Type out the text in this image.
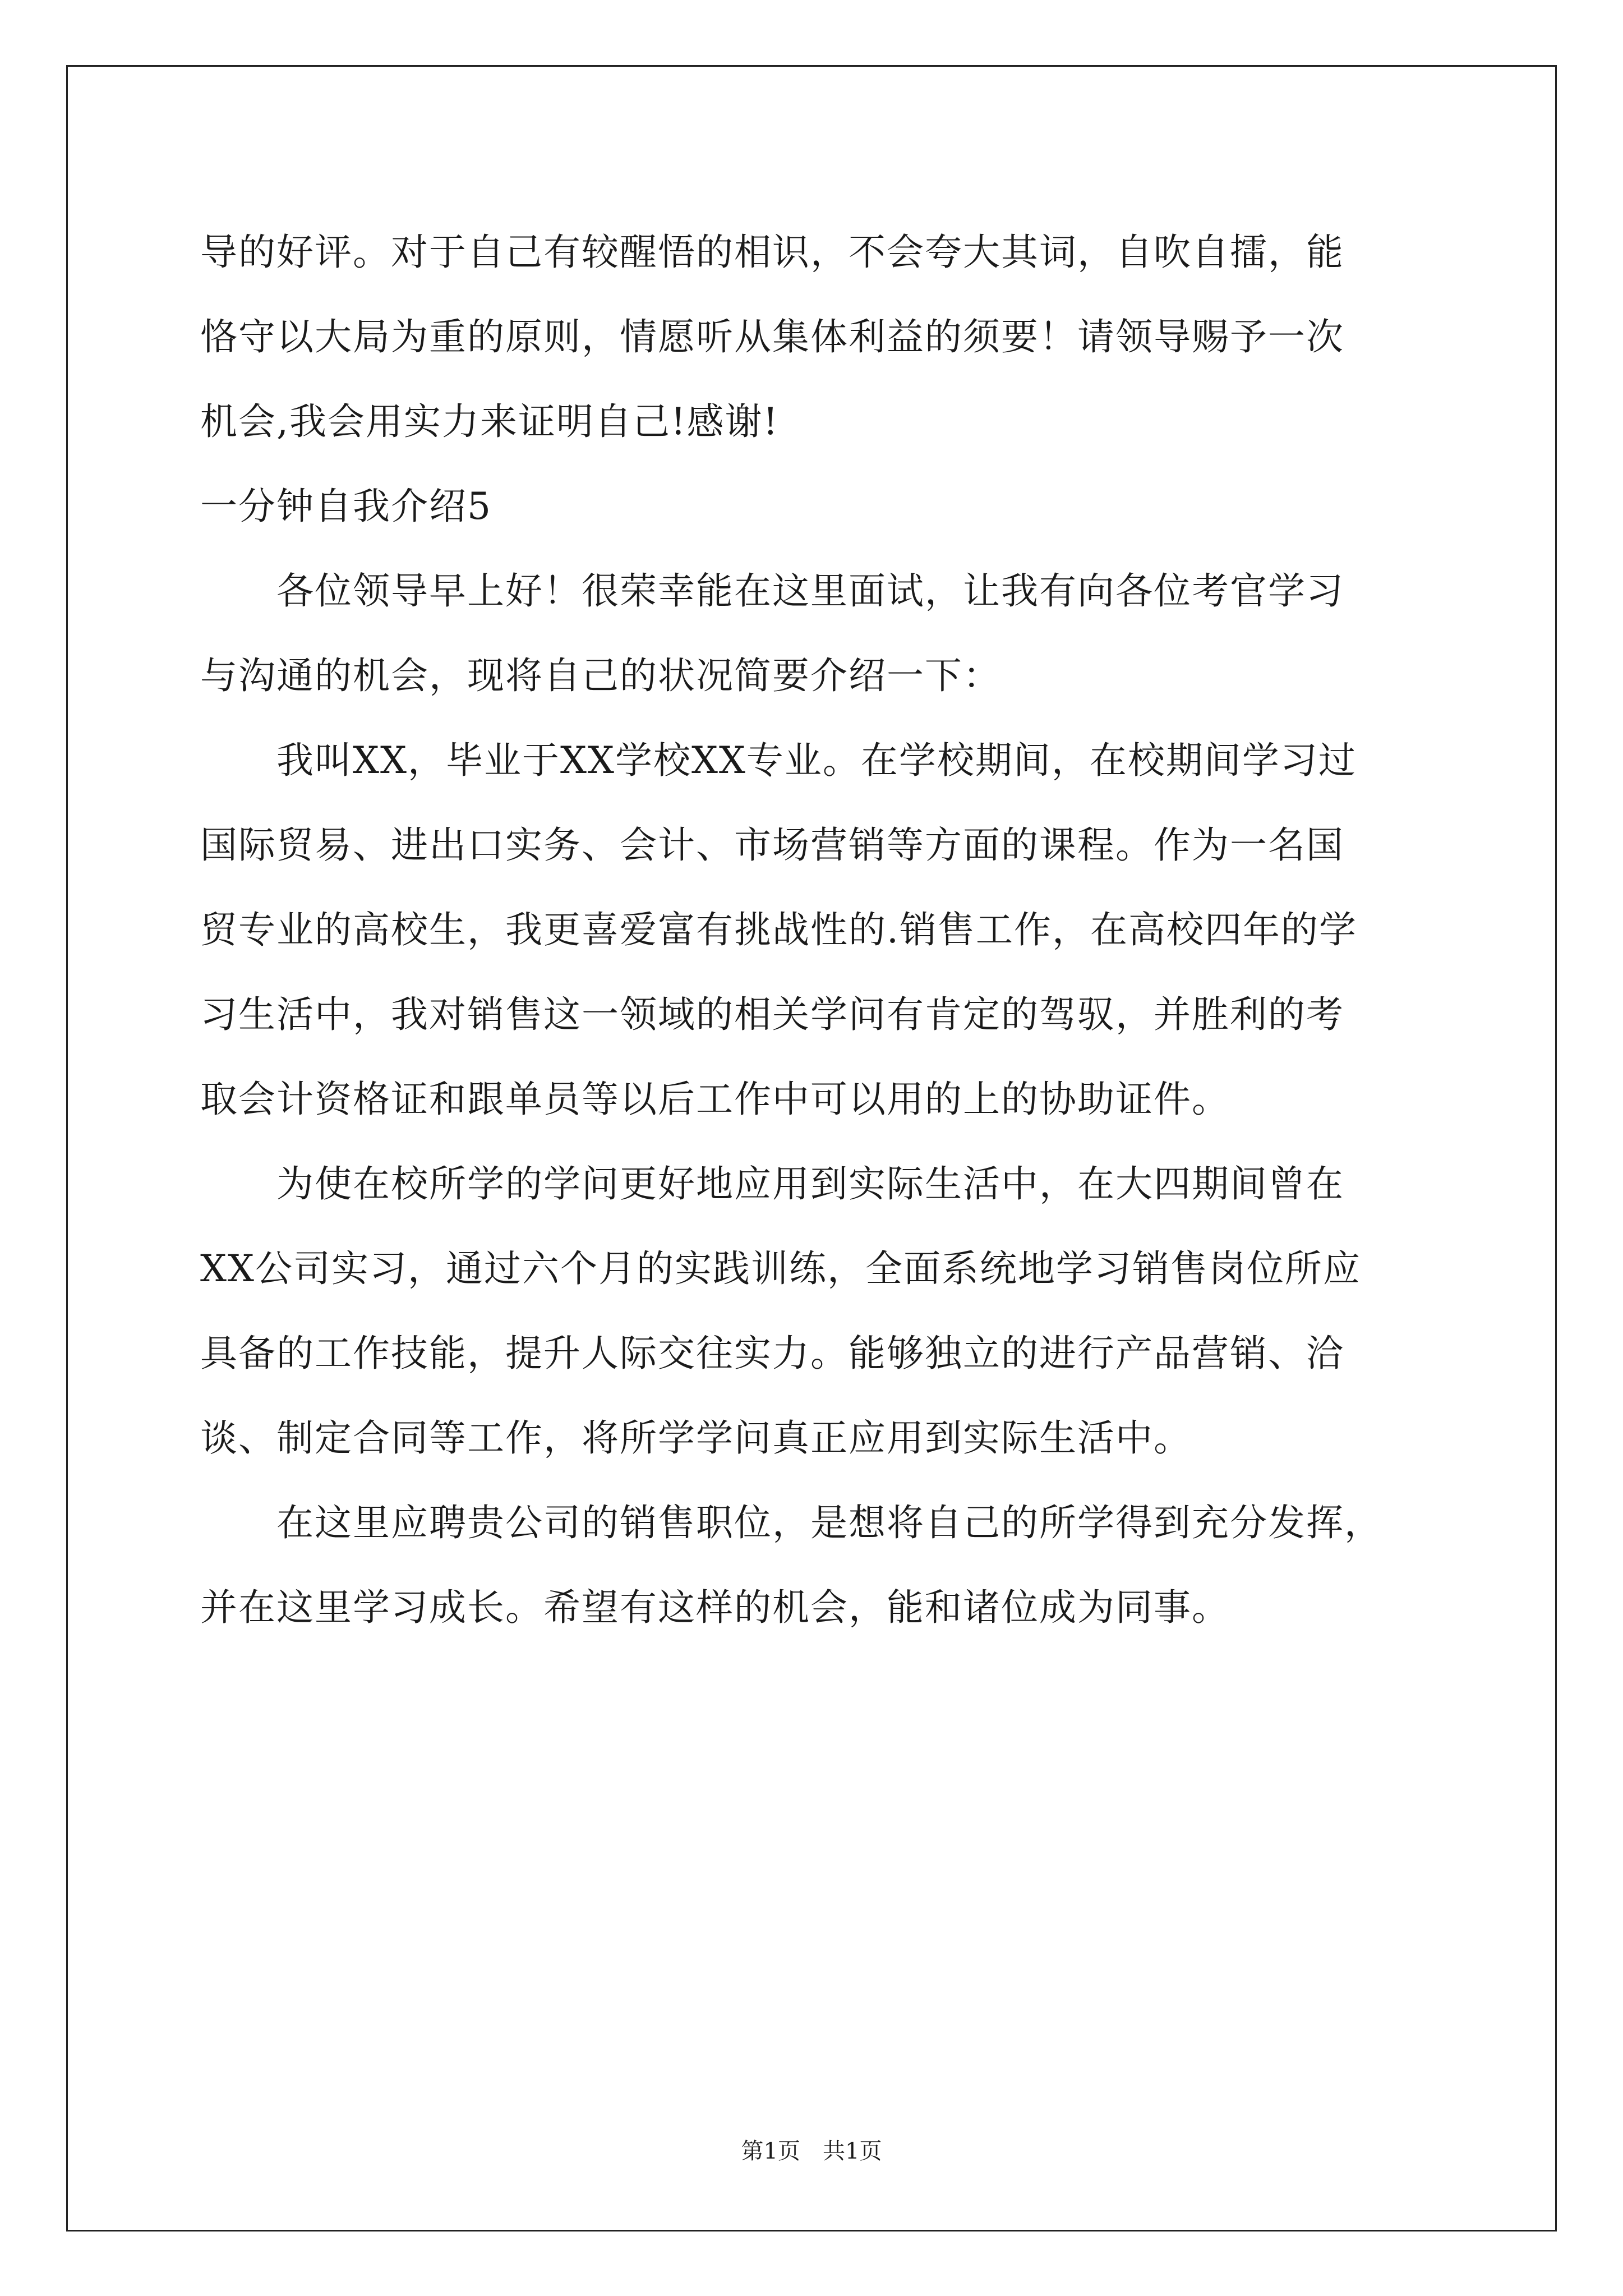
导的好评。对于自己有较醒悟的相识，不会夸大其词，自吹自擂，能
恪守以大局为重的原则，情愿听从集体利益的须要！请领导赐予一次
机会,我会用实力来证明自己!感谢!
一分钟自我介绍5
　　各位领导早上好！很荣幸能在这里面试，让我有向各位考官学习
与沟通的机会，现将自己的状况简要介绍一下：
　　我叫XX，毕业于XX学校XX专业。在学校期间，在校期间学习过
国际贸易、进出口实务、会计、市场营销等方面的课程。作为一名国
贸专业的高校生，我更喜爱富有挑战性的.销售工作，在高校四年的学
习生活中，我对销售这一领域的相关学问有肯定的驾驭，并胜利的考
取会计资格证和跟单员等以后工作中可以用的上的协助证件。
　　为使在校所学的学问更好地应用到实际生活中，在大四期间曾在
XX公司实习，通过六个月的实践训练，全面系统地学习销售岗位所应
具备的工作技能，提升人际交往实力。能够独立的进行产品营销、洽
谈、制定合同等工作，将所学学问真正应用到实际生活中。
　　在这里应聘贵公司的销售职位，是想将自己的所学得到充分发挥，
并在这里学习成长。希望有这样的机会，能和诸位成为同事。
第1页 共1页
